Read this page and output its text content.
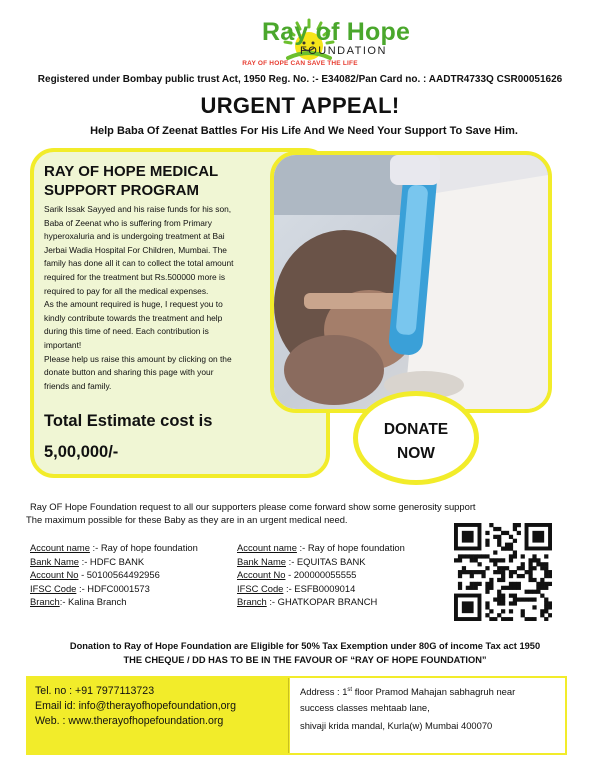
Ray of Hope
FOUNDATION
RAY OF HOPE CAN SAVE THE LIFE
Registered under Bombay public trust Act, 1950 Reg. No. :- E34082/Pan Card no. : AADTR4733Q CSR00051626
URGENT APPEAL!
Help Baba Of Zeenat Battles For His Life And We Need Your Support To Save Him.
RAY OF HOPE MEDICAL
SUPPORT PROGRAM

Sarik Issak Sayyed and his raise funds for his son,

Baba of Zeenat who is suffering from Primary

hyperoxaluria and is undergoing treatment at Bai

Jerbai Wadia Hospital For Children, Mumbai. The

family has done all it can to collect the total amount

required for the treatment but Rs.500000 more is

required to pay for all the medical expenses.

As the amount required is huge, I request you to

kindly contribute towards the treatment and help

during this time of need. Each contribution is

important!

Please help us raise this amount by clicking on the

donate button and sharing this page with your

friends and family.

Total Estimate cost is
5,00,000/-
DONATE
NOW
Ray OF Hope Foundation request to all our supporters please come forward show some generosity support
The maximum possible for these Baby as they are in an urgent medical need.
Account name :- Ray of hope foundation
Bank Name :- HDFC BANK
Account No - 50100564492956
IFSC Code :- HDFC0001573
Branch:- Kalina Branch
Account name :- Ray of hope foundation
Bank Name :- EQUITAS BANK
Account No - 200000055555
IFSC Code :- ESFB0009014
Branch :- GHATKOPAR BRANCH
Donation to Ray of Hope Foundation are Eligible for 50% Tax Exemption under 80G of income Tax act 1950
THE CHEQUE / DD HAS TO BE IN THE FAVOUR OF “RAY OF HOPE FOUNDATION”
Tel. no : +91 7977113723
Email id: info@therayofhopefoundation,org
Web. : www.therayofhopefoundation.org
Address : 1st floor Pramod Mahajan sabhagruh near
success classes mehtaab lane,
shivaji krida mandal, Kurla(w) Mumbai 400070
